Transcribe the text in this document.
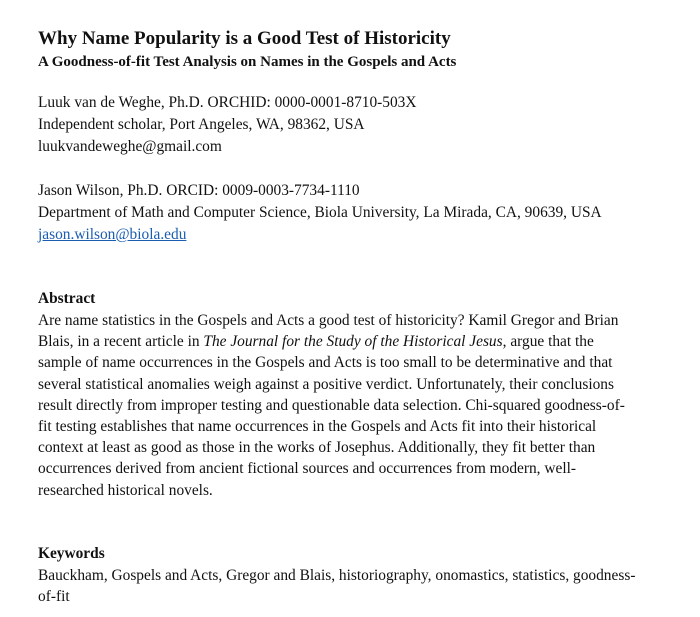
Why Name Popularity is a Good Test of Historicity
A Goodness-of-fit Test Analysis on Names in the Gospels and Acts
Luuk van de Weghe, Ph.D. ORCHID: 0000-0001-8710-503X
Independent scholar, Port Angeles, WA, 98362, USA
luukvandeweghe@gmail.com
Jason Wilson, Ph.D. ORCID: 0009-0003-7734-1110
Department of Math and Computer Science, Biola University, La Mirada, CA, 90639, USA
jason.wilson@biola.edu
Abstract

Are name statistics in the Gospels and Acts a good test of historicity? Kamil Gregor and Brian
Blais, in a recent article in The Journal for the Study of the Historical Jesus, argue that the
sample of name occurrences in the Gospels and Acts is too small to be determinative and that
several statistical anomalies weigh against a positive verdict. Unfortunately, their conclusions
result directly from improper testing and questionable data selection. Chi-squared goodness-of-
fit testing establishes that name occurrences in the Gospels and Acts fit into their historical
context at least as good as those in the works of Josephus. Additionally, they fit better than
occurrences derived from ancient fictional sources and occurrences from modern, well-
researched historical novels.

Keywords

Bauckham, Gospels and Acts, Gregor and Blais, historiography, onomastics, statistics, goodness-
of-fit
